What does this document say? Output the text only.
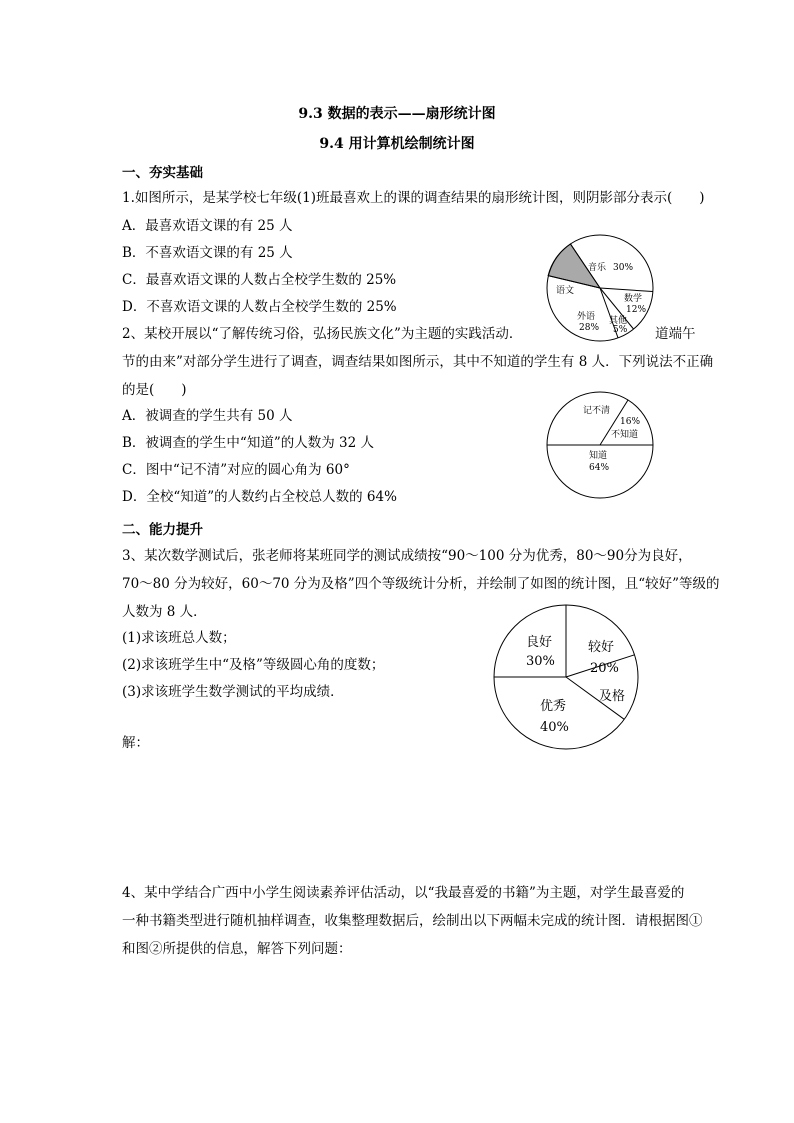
9.3 数据的表示——扇形统计图
9.4 用计算机绘制统计图
一、夯实基础
1.如图所示，是某学校七年级(1)班最喜欢上的课的调查结果的扇形统计图，则阴影部分表示(　　)
A．最喜欢语文课的有 25 人
B．不喜欢语文课的有 25 人
C．最喜欢语文课的人数占全校学生数的 25%
D．不喜欢语文课的人数占全校学生数的 25%
音乐 30%
数学
12%
其他
5%
外语
28%
语文
2、某校开展以“了解传统习俗，弘扬民族文化”为主题的实践活动．	道端午
节的由来”对部分学生进行了调查，调查结果如图所示，其中不知道的学生有 8 人．下列说法不正确
的是(　　)
A．被调查的学生共有 50 人
B．被调查的学生中“知道”的人数为 32 人
C．图中“记不清”对应的圆心角为 60°
D．全校“知道”的人数约占全校总人数的 64%
记不清
16%
不知道
知道
64%
二、能力提升
3、某次数学测试后，张老师将某班同学的测试成绩按“90～100 分为优秀，80～90分为良好，
70～80 分为较好，60～70 分为及格”四个等级统计分析，并绘制了如图的统计图，且“较好”等级的
人数为 8 人．
(1)求该班总人数；
(2)求该班学生中“及格”等级圆心角的度数；
(3)求该班学生数学测试的平均成绩．
解：
良好
30%
较好
20%
及格
优秀
40%
4、某中学结合广西中小学生阅读素养评估活动，以“我最喜爱的书籍”为主题，对学生最喜爱的
一种书籍类型进行随机抽样调查，收集整理数据后，绘制出以下两幅未完成的统计图．请根据图①
和图②所提供的信息，解答下列问题：
